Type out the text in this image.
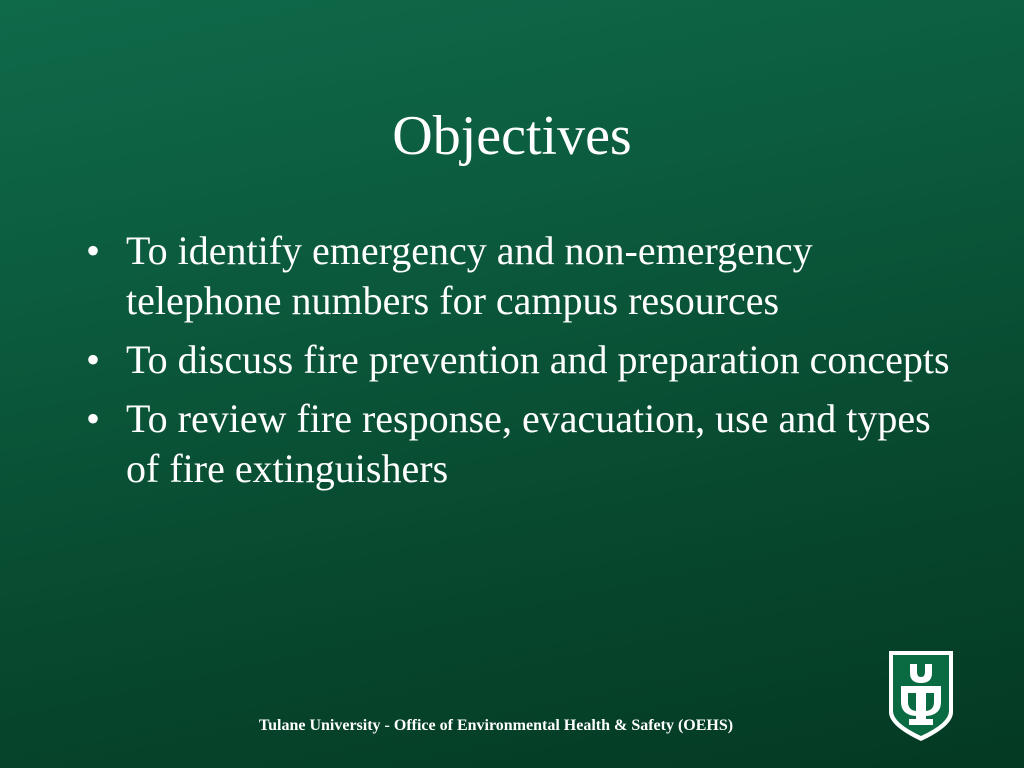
Objectives
• To identify emergency and non-emergency telephone numbers for campus resources
• To discuss fire prevention and preparation concepts
• To review fire response, evacuation, use and types of fire extinguishers
Tulane University - Office of Environmental Health & Safety (OEHS)
